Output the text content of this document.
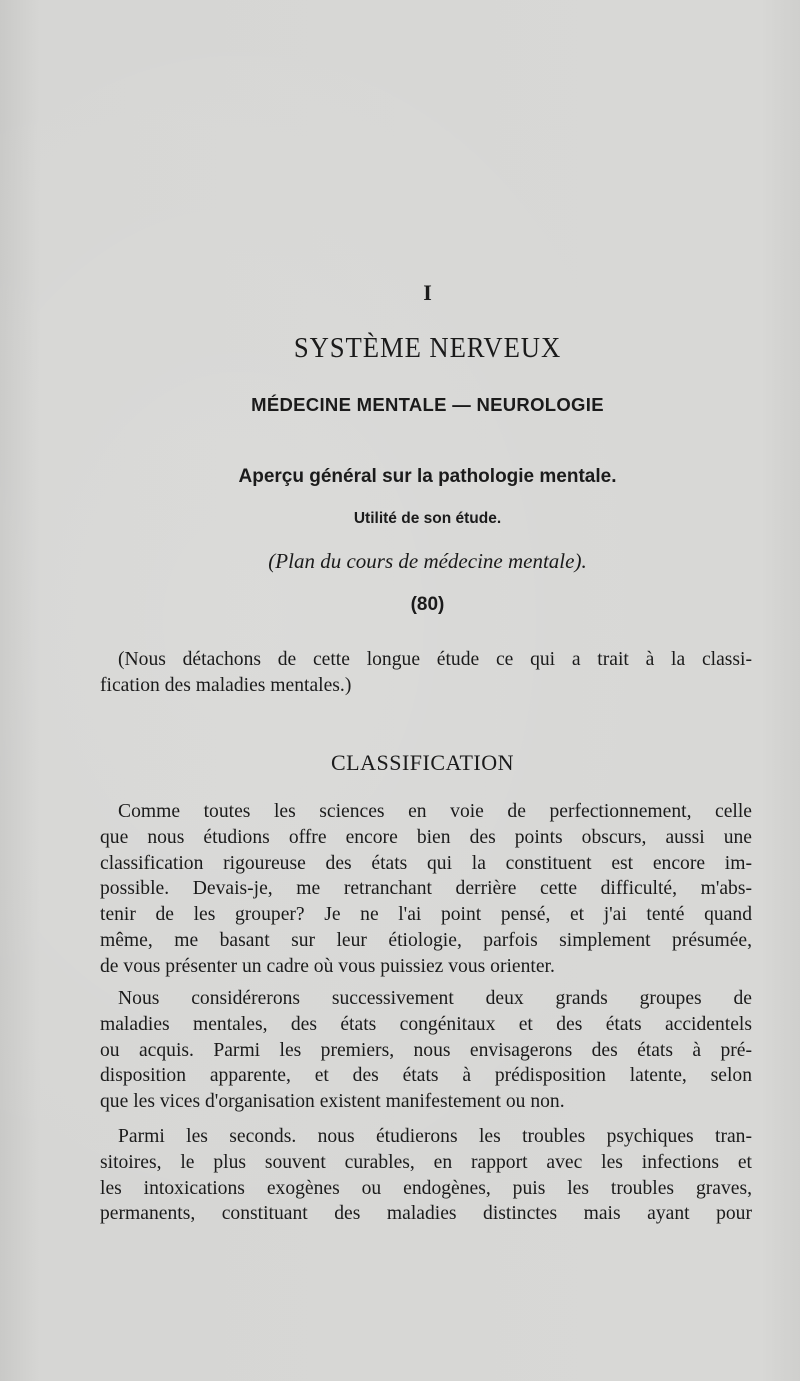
I
SYSTÈME NERVEUX
MÉDECINE MENTALE — NEUROLOGIE
Aperçu général sur la pathologie mentale.
Utilité de son étude.
(Plan du cours de médecine mentale).
(80)
(Nous détachons de cette longue étude ce qui a trait à la classi-
fication des maladies mentales.)
CLASSIFICATION
Comme toutes les sciences en voie de perfectionnement, celle
que nous étudions offre encore bien des points obscurs, aussi une
classification rigoureuse des états qui la constituent est encore im-
possible. Devais-je, me retranchant derrière cette difficulté, m'abs-
tenir de les grouper? Je ne l'ai point pensé, et j'ai tenté quand
même, me basant sur leur étiologie, parfois simplement présumée,
de vous présenter un cadre où vous puissiez vous orienter.
Nous considérerons successivement deux grands groupes de
maladies mentales, des états congénitaux et des états accidentels
ou acquis. Parmi les premiers, nous envisagerons des états à pré-
disposition apparente, et des états à prédisposition latente, selon
que les vices d'organisation existent manifestement ou non.
Parmi les seconds. nous étudierons les troubles psychiques tran-
sitoires, le plus souvent curables, en rapport avec les infections et
les intoxications exogènes ou endogènes, puis les troubles graves,
permanents, constituant des maladies distinctes mais ayant pour
